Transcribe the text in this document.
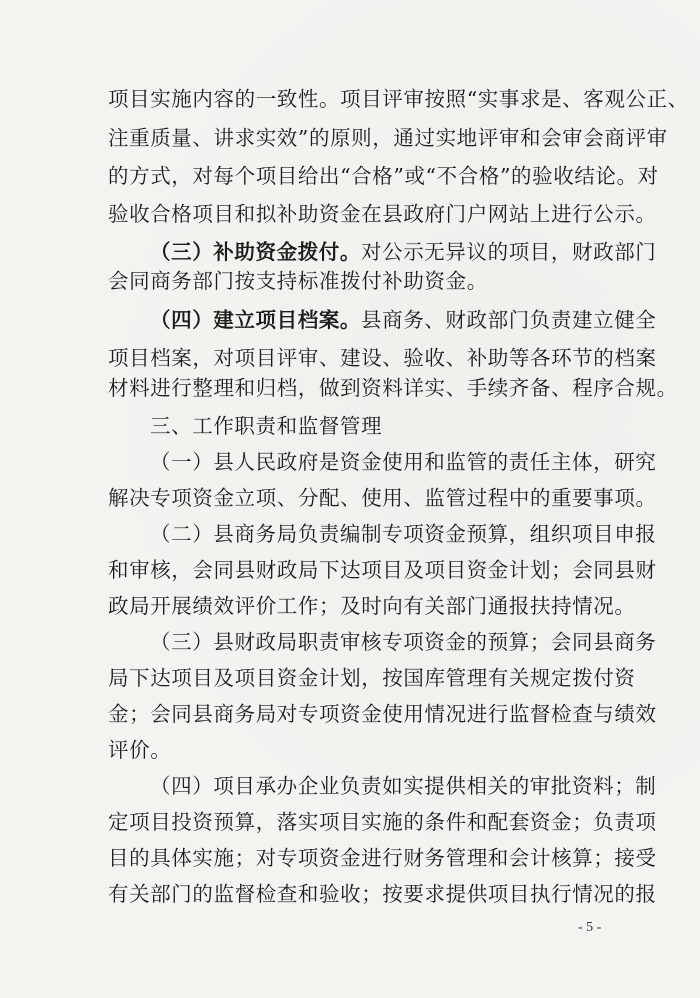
项目实施内容的一致性。项目评审按照“实事求是、客观公正、
注重质量、讲求实效”的原则，通过实地评审和会审会商评审
的方式，对每个项目给出“合格”或“不合格”的验收结论。对
验收合格项目和拟补助资金在县政府门户网站上进行公示。
（三）补助资金拨付。对公示无异议的项目，财政部门
会同商务部门按支持标准拨付补助资金。
（四）建立项目档案。县商务、财政部门负责建立健全
项目档案，对项目评审、建设、验收、补助等各环节的档案
材料进行整理和归档，做到资料详实、手续齐备、程序合规。
三、工作职责和监督管理
（一）县人民政府是资金使用和监管的责任主体，研究
解决专项资金立项、分配、使用、监管过程中的重要事项。
（二）县商务局负责编制专项资金预算，组织项目申报
和审核，会同县财政局下达项目及项目资金计划；会同县财
政局开展绩效评价工作；及时向有关部门通报扶持情况。
（三）县财政局职责审核专项资金的预算；会同县商务
局下达项目及项目资金计划，按国库管理有关规定拨付资
金；会同县商务局对专项资金使用情况进行监督检查与绩效
评价。
（四）项目承办企业负责如实提供相关的审批资料；制
定项目投资预算，落实项目实施的条件和配套资金；负责项
目的具体实施；对专项资金进行财务管理和会计核算；接受
有关部门的监督检查和验收；按要求提供项目执行情况的报
- 5 -
